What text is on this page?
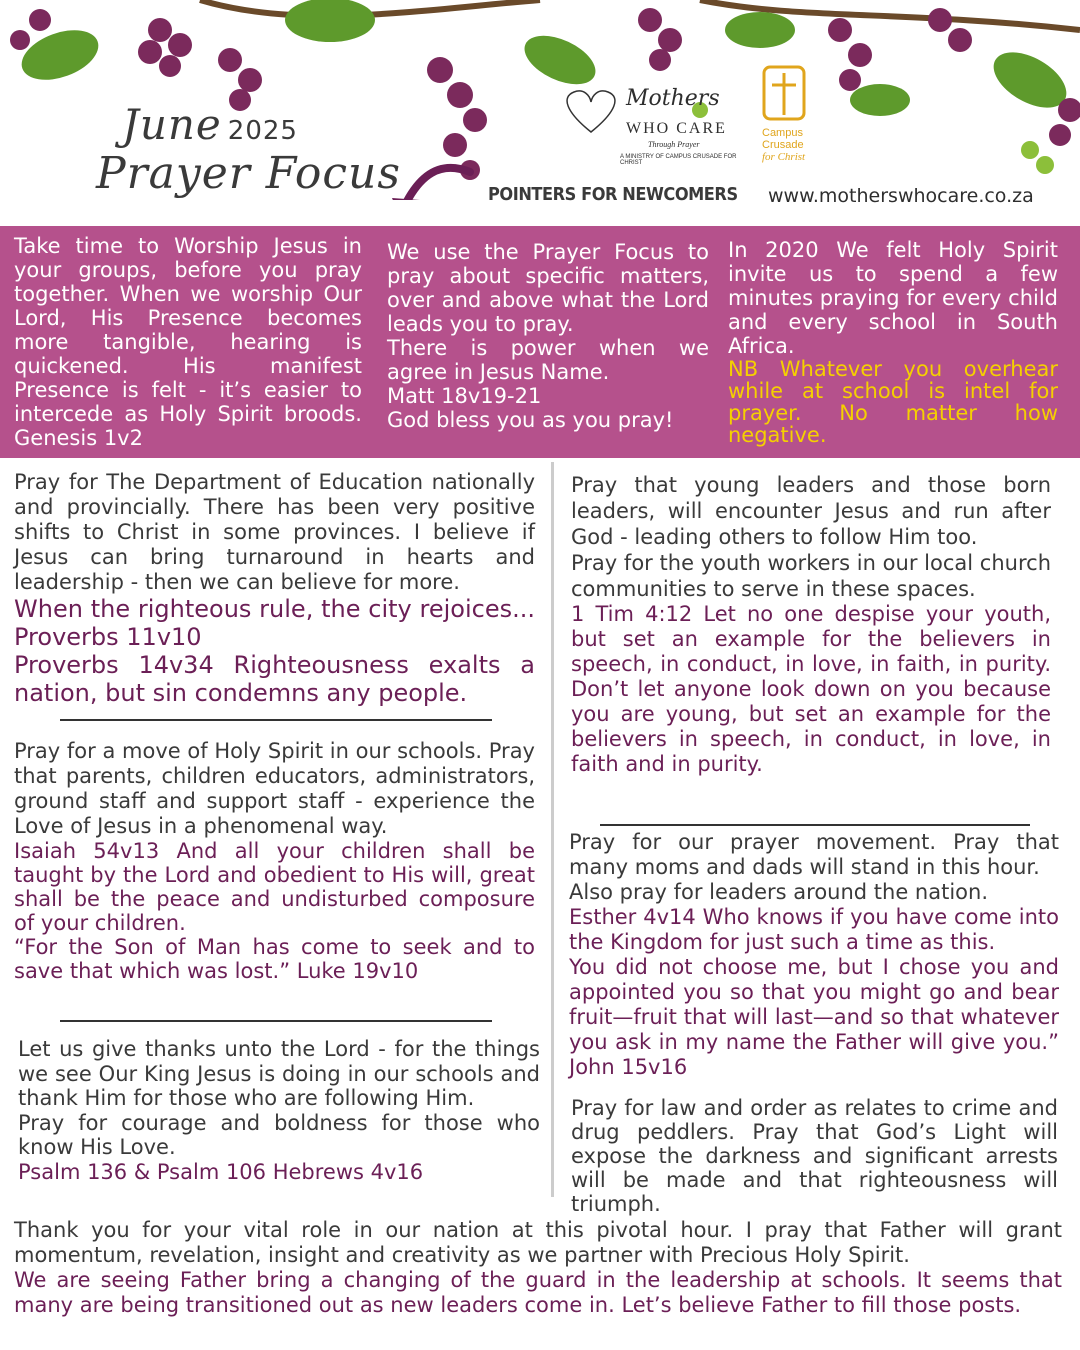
June 2025
Prayer Focus
Mothers
WHO CARE
Through Prayer
A MINISTRY OF CAMPUS CRUSADE FOR CHRIST
Campus
Crusade
for Christ
POINTERS FOR NEWCOMERS www.motherswhocare.co.za

Take time to Worship Jesus in your groups, before you pray together. When we worship Our Lord, His Presence becomes more tangible, hearing is quickened. His manifest Presence is felt - it’s easier to intercede as Holy Spirit broods. Genesis 1v2

We use the Prayer Focus to pray about specific matters, over and above what the Lord leads you to pray.

There is power when we agree in Jesus Name.

Matt 18v19-21

God bless you as you pray!

In 2020 We felt Holy Spirit invite us to spend a few minutes praying for every child and every school in South Africa.

NB Whatever you overhear while at school is intel for prayer. No matter how negative.

Pray for The Department of Education nationally and provincially. There has been very positive shifts to Christ in some provinces. I believe if Jesus can bring turnaround in hearts and leadership - then we can believe for more.

When the righteous rule, the city rejoices... Proverbs 11v10

Proverbs 14v34 Righteousness exalts a nation, but sin condemns any people.

Pray for a move of Holy Spirit in our schools. Pray that parents, children educators, administrators, ground staff and support staff - experience the Love of Jesus in a phenomenal way.

Isaiah 54v13 And all your children shall be taught by the Lord and obedient to His will, great shall be the peace and undisturbed composure of your children.

“For the Son of Man has come to seek and to save that which was lost.” Luke 19v10

Let us give thanks unto the Lord - for the things we see Our King Jesus is doing in our schools and thank Him for those who are following Him.

Pray for courage and boldness for those who know His Love.

Psalm 136 & Psalm 106 Hebrews 4v16

Pray that young leaders and those born leaders, will encounter Jesus and run after God - leading others to follow Him too.

Pray for the youth workers in our local church communities to serve in these spaces.

1 Tim 4:12 Let no one despise your youth, but set an example for the believers in speech, in conduct, in love, in faith, in purity. Don’t let anyone look down on you because you are young, but set an example for the believers in speech, in conduct, in love, in faith and in purity.

Pray for our prayer movement. Pray that many moms and dads will stand in this hour.

Also pray for leaders around the nation.

Esther 4v14 Who knows if you have come into the Kingdom for just such a time as this.

You did not choose me, but I chose you and appointed you so that you might go and bear fruit—fruit that will last—and so that whatever you ask in my name the Father will give you.” John 15v16

Pray for law and order as relates to crime and drug peddlers. Pray that God’s Light will expose the darkness and significant arrests will be made and that righteousness will triumph.

Thank you for your vital role in our nation at this pivotal hour. I pray that Father will grant momentum, revelation, insight and creativity as we partner with Precious Holy Spirit.

We are seeing Father bring a changing of the guard in the leadership at schools. It seems that many are being transitioned out as new leaders come in. Let’s believe Father to fill those posts.
